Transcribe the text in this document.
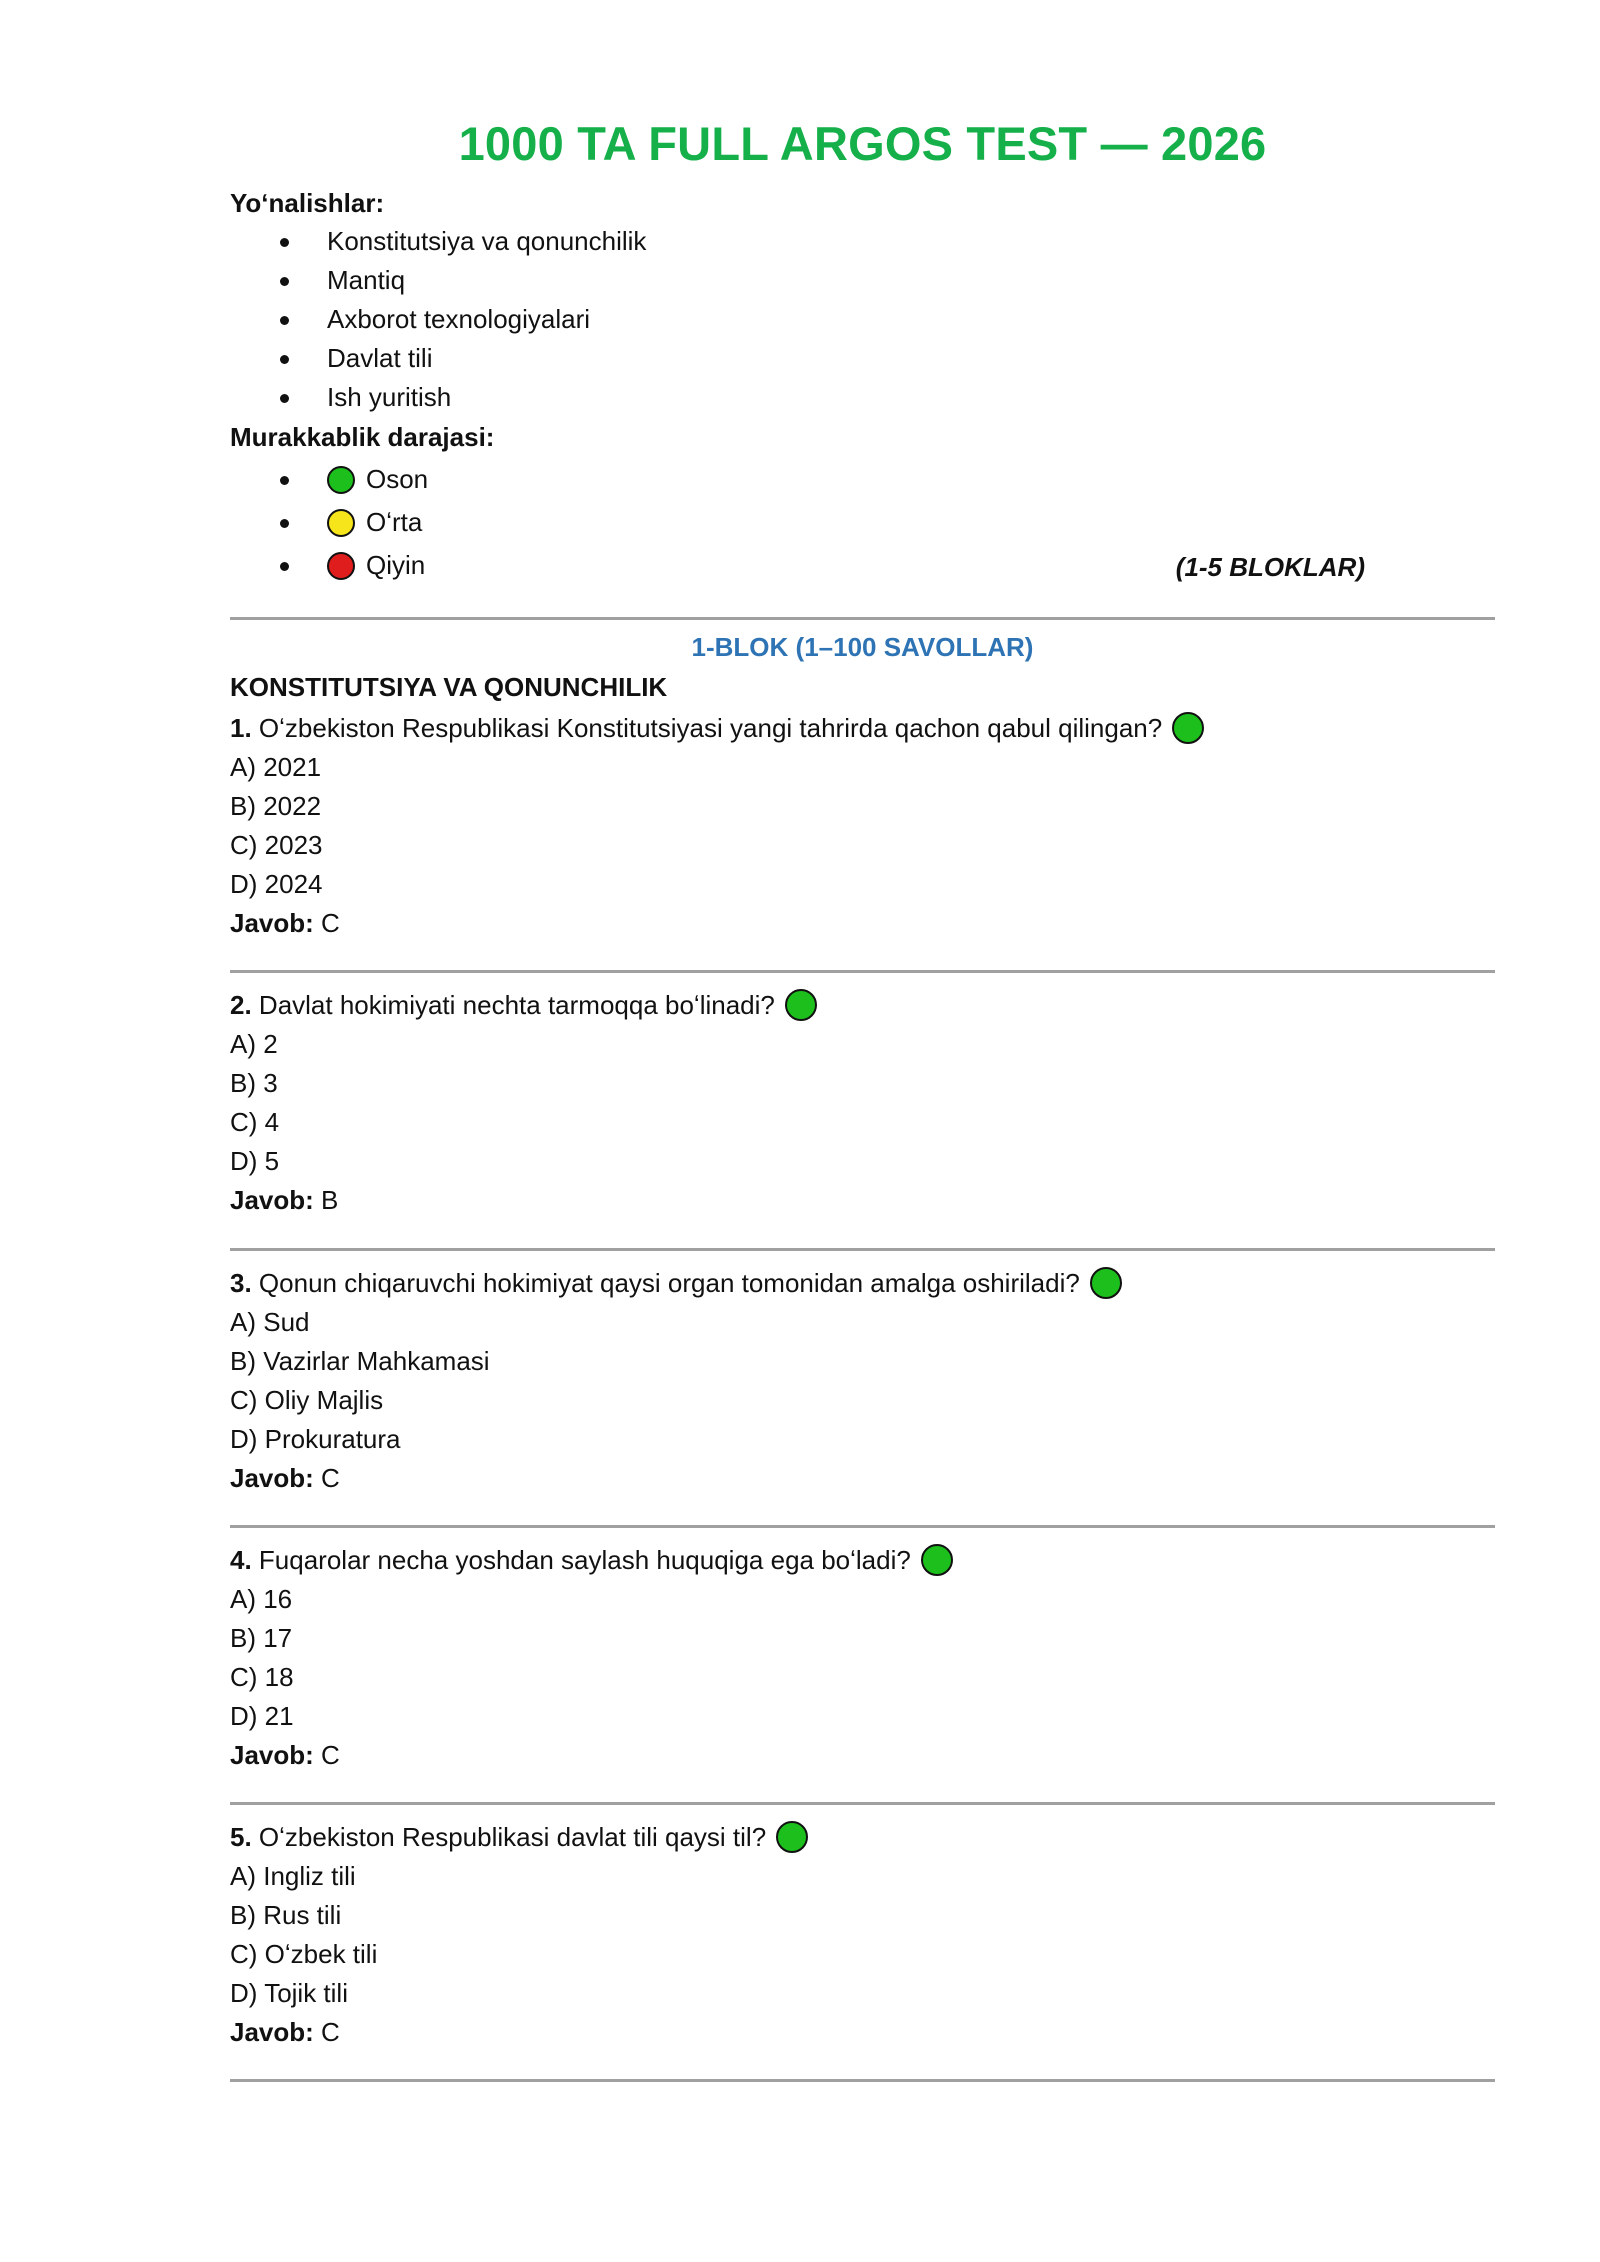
1000 TA FULL ARGOS TEST — 2026
Yoʻnalishlar:
Konstitutsiya va qonunchilik
Mantiq
Axborot texnologiyalari
Davlat tili
Ish yuritish
Murakkablik darajasi:
Oson
Oʻrta
Qiyin	(1-5 BLOKLAR)
1-BLOK (1–100 SAVOLLAR)
KONSTITUTSIYA VA QONUNCHILIK
1. Oʻzbekiston Respublikasi Konstitutsiyasi yangi tahrirda qachon qabul qilingan?
A) 2021
B) 2022
C) 2023
D) 2024
Javob: C
2. Davlat hokimiyati nechta tarmoqqa boʻlinadi?
A) 2
B) 3
C) 4
D) 5
Javob: B
3. Qonun chiqaruvchi hokimiyat qaysi organ tomonidan amalga oshiriladi?
A) Sud
B) Vazirlar Mahkamasi
C) Oliy Majlis
D) Prokuratura
Javob: C
4. Fuqarolar necha yoshdan saylash huquqiga ega boʻladi?
A) 16
B) 17
C) 18
D) 21
Javob: C
5. Oʻzbekiston Respublikasi davlat tili qaysi til?
A) Ingliz tili
B) Rus tili
C) Oʻzbek tili
D) Tojik tili
Javob: C
